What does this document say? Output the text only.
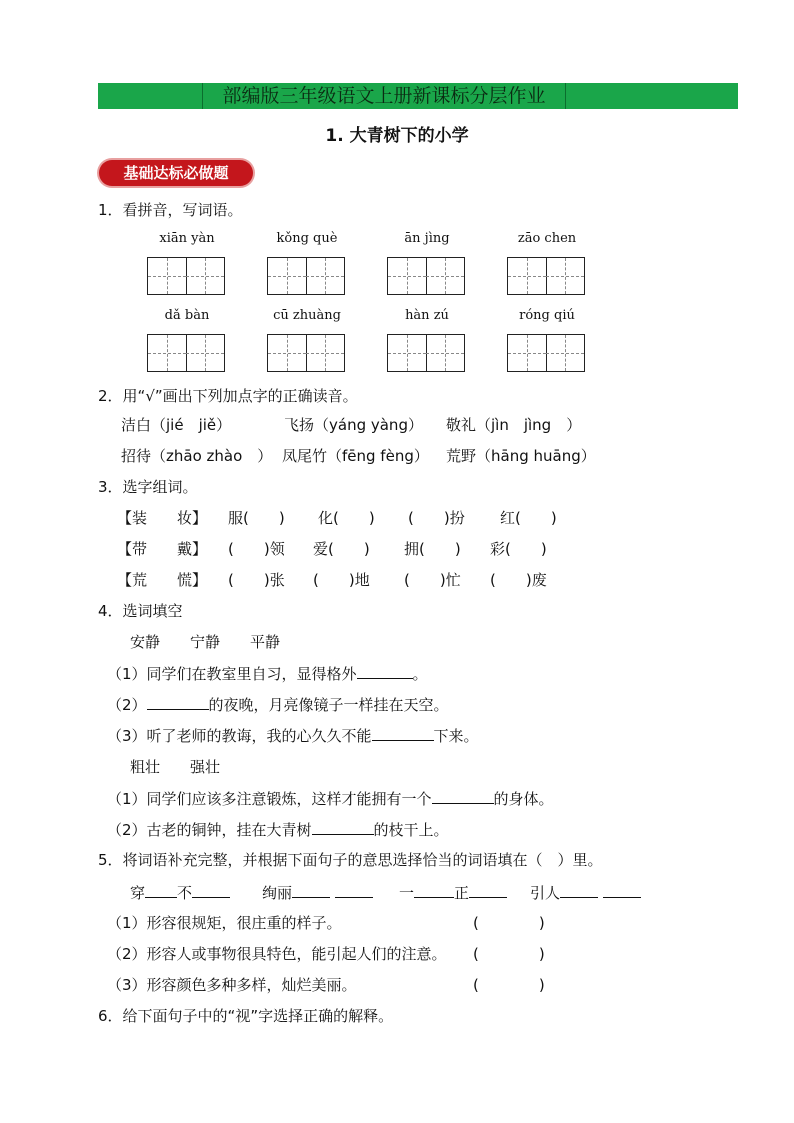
部编版三年级语文上册新课标分层作业
1. 大青树下的小学
基础达标必做题
1．看拼音，写词语。
xiān yàn	kǒng què	ān jìng	zāo chen
dǎ bàn	cū zhuàng	hàn zú	róng qiú
2．用“√”画出下列加点字的正确读音。
洁白（jié　jiě）	飞扬（yáng yàng） 敬礼（jìn　jìng　）
招待（zhāo zhào　） 凤尾竹（fēng fèng） 荒野（hāng huāng）
3．选字组词。
【装　　妆】 服(　　) 化(　　) (　　)扮 红(　　)
【带　　戴】 (　　)领 爱(　　) 拥(　　) 彩(　　)
【荒　　慌】 (　　)张 (　　)地 (　　)忙 (　　)废
4．选词填空
安静　　宁静　　平静
（1）同学们在教室里自习，显得格外	。
（2）	的夜晚，月亮像镜子一样挂在天空。
（3）听了老师的教诲，我的心久久不能	下来。
粗壮　　强壮
（1）同学们应该多注意锻炼，这样才能拥有一个	的身体。
（2）古老的铜钟，挂在大青树	的枝干上。
5．将词语补充完整，并根据下面句子的意思选择恰当的词语填在（　）里。
穿 不	绚丽	一	正	引人
（1）形容很规矩，很庄重的样子。	(　　　　)
（2）形容人或事物很具特色，能引起人们的注意。 (　　　　)
（3）形容颜色多种多样，灿烂美丽。	(　　　　)
6．给下面句子中的“视”字选择正确的解释。
